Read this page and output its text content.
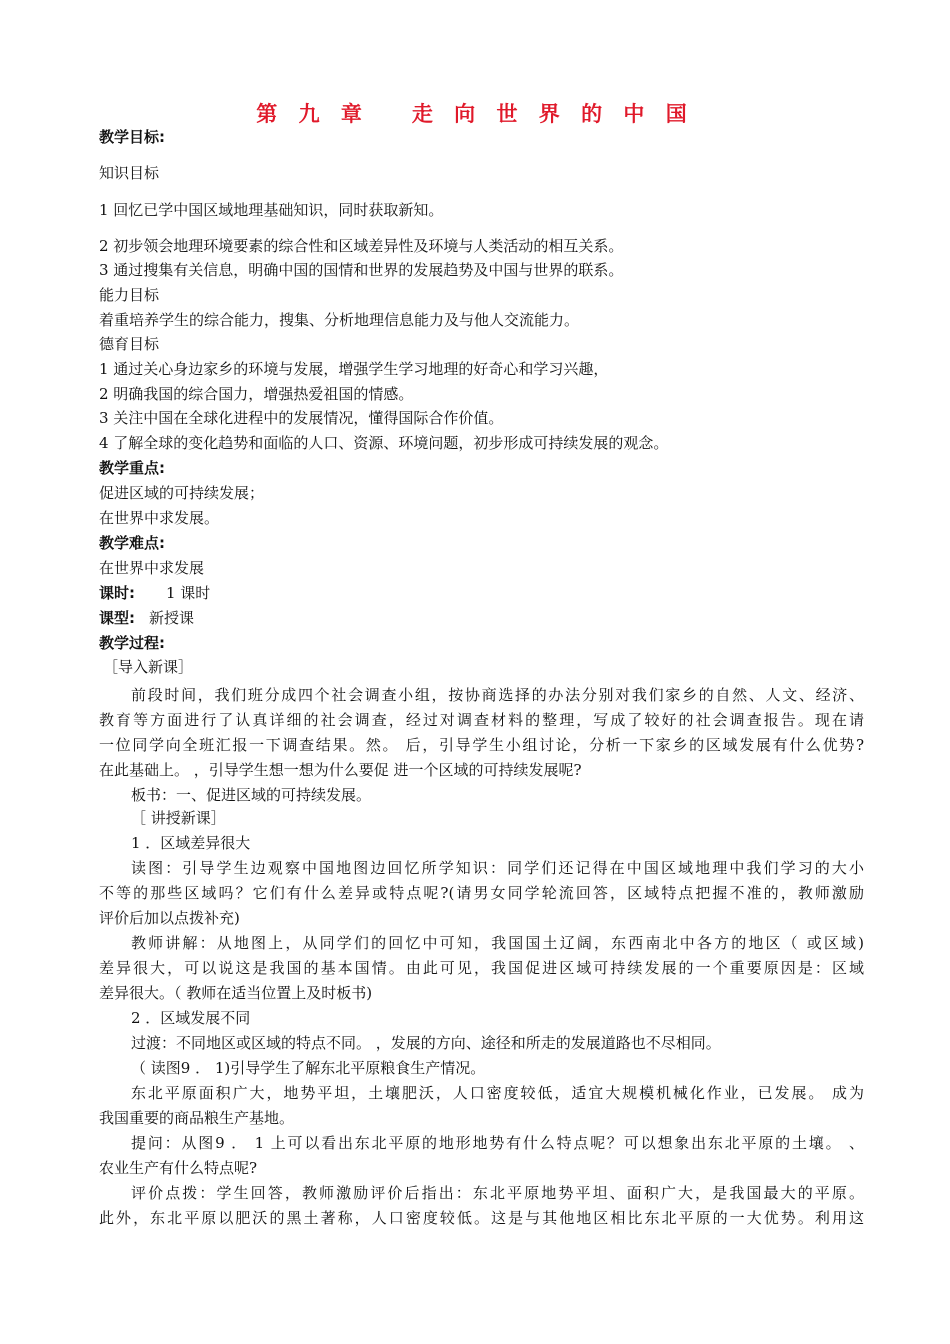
第 九 章   走 向 世 界 的 中 国
教学目标:
知识目标
1 回忆已学中国区域地理基础知识，同时获取新知。
2 初步领会地理环境要素的综合性和区域差异性及环境与人类活动的相互关系。
3 通过搜集有关信息，明确中国的国情和世界的发展趋势及中国与世界的联系。
能力目标
着重培养学生的综合能力，搜集、分析地理信息能力及与他人交流能力。
德育目标
1 通过关心身边家乡的环境与发展，增强学生学习地理的好奇心和学习兴趣，
2 明确我国的综合国力，增强热爱祖国的情感。
3 关注中国在全球化进程中的发展情况，懂得国际合作价值。
4 了解全球的变化趋势和面临的人口、资源、环境问题，初步形成可持续发展的观念。
教学重点:
促进区域的可持续发展；
在世界中求发展。
教学难点:
在世界中求发展
课时: 1 课时
课型: 新授课
教学过程:
［导入新课］
前段时间，我们班分成四个社会调查小组，按协商选择的办法分别对我们家乡的自然、人文、经济、
教育等方面进行了认真详细的社会调查，经过对调查材料的整理，写成了较好的社会调查报告。现在请
一位同学向全班汇报一下调查结果。然。 后，引导学生小组讨论，分析一下家乡的区域发展有什么优势?
在此基础上。 ，引导学生想一想为什么要促 进一个区域的可持续发展呢?
板书：一、促进区域的可持续发展。
［ 讲授新课］
1 ．区域差异很大
读图：引导学生边观察中国地图边回忆所学知识：同学们还记得在中国区域地理中我们学习的大小
不等的那些区域吗？它们有什么差异或特点呢?(请男女同学轮流回答，区域特点把握不准的，教师激励
评价后加以点拨补充)
教师讲解：从地图上，从同学们的回忆中可知，我国国土辽阔，东西南北中各方的地区（ 或区域)
差异很大，可以说这是我国的基本国情。由此可见，我国促进区域可持续发展的一个重要原因是：区域
差异很大。（ 教师在适当位置上及时板书)
2 ．区域发展不同
过渡：不同地区或区域的特点不同。 ，发展的方向、途径和所走的发展道路也不尽相同。
（ 读图9 ． 1)引导学生了解东北平原粮食生产情况。
东北平原面积广大，地势平坦，土壤肥沃，人口密度较低，适宜大规模机械化作业，已发展。 成为
我国重要的商品粮生产基地。
提问：从图9 ． 1 上可以看出东北平原的地形地势有什么特点呢？可以想象出东北平原的土壤。 、
农业生产有什么特点呢?
评价点拨：学生回答，教师激励评价后指出：东北平原地势平坦、面积广大，是我国最大的平原。
此外，东北平原以肥沃的黑土著称，人口密度较低。这是与其他地区相比东北平原的一大优势。利用这
